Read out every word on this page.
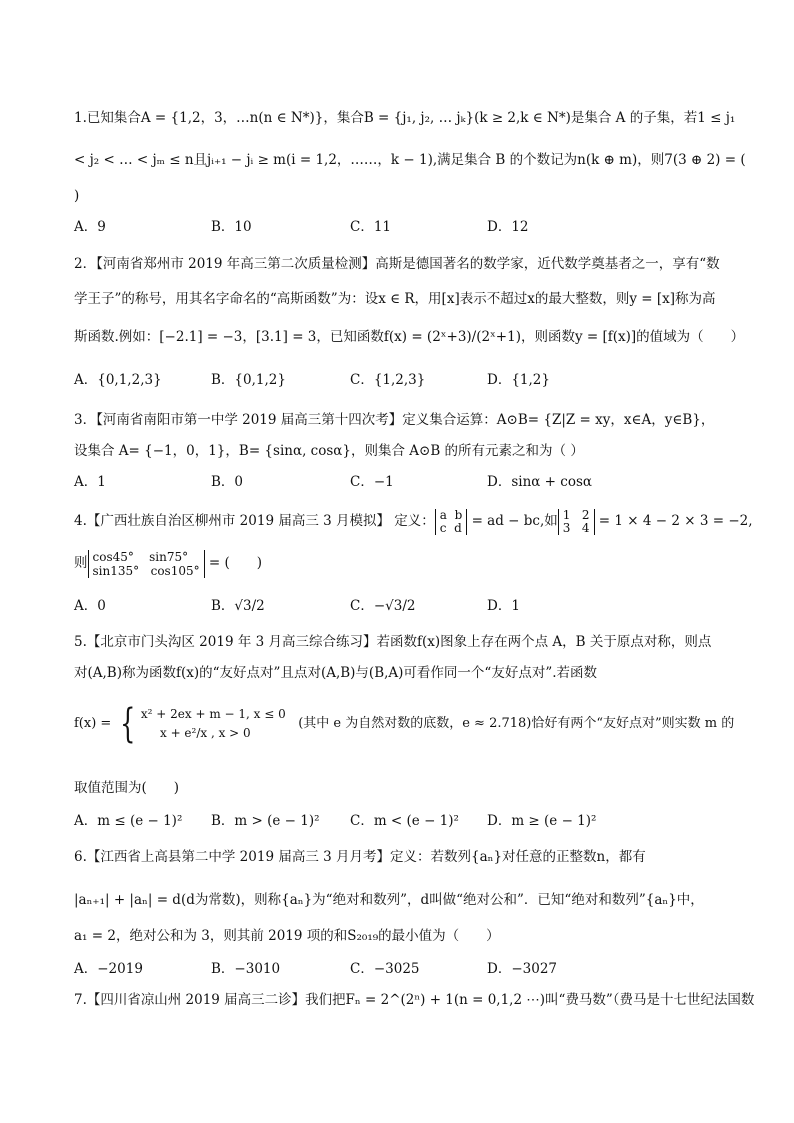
1.已知集合A = {1,2，3，…n(n ∈ N*)}，集合B = {j₁, j₂, … jₖ}(k ≥ 2,k ∈ N*)是集合 A 的子集，若1 ≤ j₁
< j₂ < … < jₘ ≤ n且jᵢ₊₁ − jᵢ ≥ m(i = 1,2，……，k − 1),满足集合 B 的个数记为n(k ⊕ m)，则7(3 ⊕ 2) = (
)
A．9	B．10	C．11	D．12
2．【河南省郑州市 2019 年高三第二次质量检测】高斯是德国著名的数学家，近代数学奠基者之一，享有“数
学王子”的称号，用其名字命名的“高斯函数”为：设x ∈ R，用[x]表示不超过x的最大整数，则y = [x]称为高
斯函数.例如：[−2.1] = −3，[3.1] = 3，已知函数f(x) = (2ˣ+3)/(2ˣ+1)，则函数y = [f(x)]的值域为（　　）
A．{0,1,2,3}	B．{0,1,2}	C．{1,2,3}	D．{1,2}
3．【河南省南阳市第一中学 2019 届高三第十四次考】定义集合运算：A⊙B= {Z|Z = xy，x∈A，y∈B}，
设集合 A= {−1，0，1}，B= {sinα, cosα}，则集合 A⊙B 的所有元素之和为（ ）
A．1	B．0	C．−1	D．sinα + cosα
4.【广西壮族自治区柳州市 2019 届高三 3 月模拟】 定义： a b
c d = ad − bc,如 1 2
3 4 = 1 × 4 − 2 × 3 = −2,
则 cos45° sin75°
sin135° cos105° = (　　)
A．0	B．√3/2	C．−√3/2	D．1
5.【北京市门头沟区 2019 年 3 月高三综合练习】若函数f(x)图象上存在两个点 A，B 关于原点对称，则点
对(A,B)称为函数f(x)的“友好点对”且点对(A,B)与(B,A)可看作同一个“友好点对”.若函数
f(x) = { x² + 2ex + m − 1, x ≤ 0
x + e²/x , x > 0   (其中 e 为自然对数的底数，e ≈ 2.718)恰好有两个“友好点对”则实数 m 的
取值范围为(　　)
A．m ≤ (e − 1)² B．m > (e − 1)² C．m < (e − 1)² D．m ≥ (e − 1)²
6.【江西省上高县第二中学 2019 届高三 3 月月考】定义：若数列{aₙ}对任意的正整数n，都有
|aₙ₊₁| + |aₙ| = d(d为常数)，则称{aₙ}为“绝对和数列”，d叫做“绝对公和”．已知“绝对和数列”{aₙ}中，
a₁ = 2，绝对公和为 3，则其前 2019 项的和S₂₀₁₉的最小值为（　　）
A．−2019	B．−3010	C．−3025	D．−3027
7.【四川省凉山州 2019 届高三二诊】我们把Fₙ = 2^(2ⁿ) + 1(n = 0,1,2 ⋯)叫“费马数”（费马是十七世纪法国数
